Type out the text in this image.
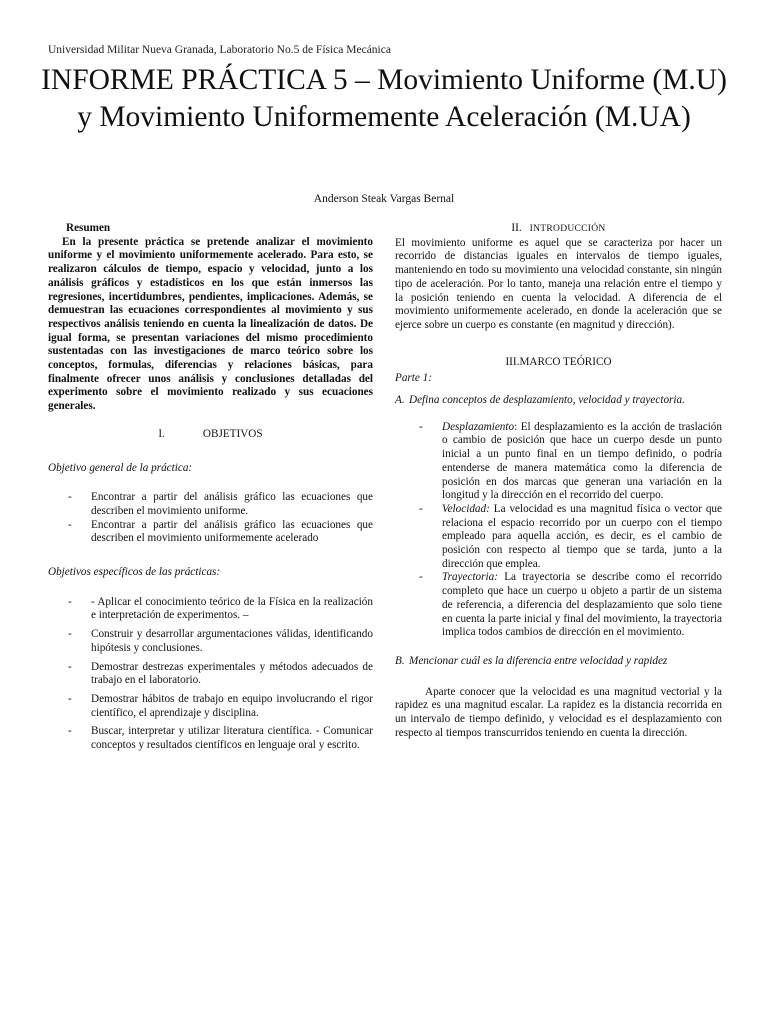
Universidad Militar Nueva Granada, Laboratorio No.5 de Física Mecánica
INFORME PRÁCTICA 5 – Movimiento Uniforme (M.U) y Movimiento Uniformemente Aceleración (M.UA)
Anderson Steak Vargas Bernal
Resumen

En la presente práctica se pretende analizar el movimiento uniforme y el movimiento uniformemente acelerado. Para esto, se realizaron cálculos de tiempo, espacio y velocidad, junto a los análisis gráficos y estadísticos en los que están inmersos las regresiones, incertidumbres, pendientes, implicaciones. Además, se demuestran las ecuaciones correspondientes al movimiento y sus respectivos análisis teniendo en cuenta la linealización de datos. De igual forma, se presentan variaciones del mismo procedimiento sustentadas con las investigaciones de marco teórico sobre los conceptos, formulas, diferencias y relaciones básicas, para finalmente ofrecer unos análisis y conclusiones detalladas del experimento sobre el movimiento realizado y sus ecuaciones generales.

I.	OBJETIVOS
Objetivo general de la práctica:
- Encontrar a partir del análisis gráfico las ecuaciones que describen el movimiento uniforme.
- Encontrar a partir del análisis gráfico las ecuaciones que describen el movimiento uniformemente acelerado
Objetivos específicos de las prácticas:
- - Aplicar el conocimiento teórico de la Física en la realización e interpretación de experimentos. –
- Construir y desarrollar argumentaciones válidas, identificando hipótesis y conclusiones.
- Demostrar destrezas experimentales y métodos adecuados de trabajo en el laboratorio.
- Demostrar hábitos de trabajo en equipo involucrando el rigor científico, el aprendizaje y disciplina.
- Buscar, interpretar y utilizar literatura científica. - Comunicar conceptos y resultados científicos en lenguaje oral y escrito.
II. INTRODUCCIÓN

El movimiento uniforme es aquel que se caracteriza por hacer un recorrido de distancias iguales en intervalos de tiempo iguales, manteniendo en todo su movimiento una velocidad constante, sin ningún tipo de aceleración. Por lo tanto, maneja una relación entre el tiempo y la posición teniendo en cuenta la velocidad. A diferencia de el movimiento uniformemente acelerado, en donde la aceleración que se ejerce sobre un cuerpo es constante (en magnitud y dirección).

III.MARCO TEÓRICO
Parte 1:
A. Defina conceptos de desplazamiento, velocidad y trayectoria.
- Desplazamiento: El desplazamiento es la acción de traslación o cambio de posición que hace un cuerpo desde un punto inicial a un punto final en un tiempo definido, o podría entenderse de manera matemática como la diferencia de posición en dos marcas que generan una variación en la longitud y la dirección en el recorrido del cuerpo.
- Velocidad: La velocidad es una magnitud física o vector que relaciona el espacio recorrido por un cuerpo con el tiempo empleado para aquella acción, es decir, es el cambio de posición con respecto al tiempo que se tarda, junto a la dirección que emplea.
- Trayectoria: La trayectoria se describe como el recorrido completo que hace un cuerpo u objeto a partir de un sistema de referencia, a diferencia del desplazamiento que solo tiene en cuenta la parte inicial y final del movimiento, la trayectoria implica todos cambios de dirección en el movimiento.
B. Mencionar cuál es la diferencia entre velocidad y rapidez

Aparte conocer que la velocidad es una magnitud vectorial y la rapidez es una magnitud escalar. La rapidez es la distancia recorrida en un intervalo de tiempo definido, y velocidad es el desplazamiento con respecto al tiempos transcurridos teniendo en cuenta la dirección.
